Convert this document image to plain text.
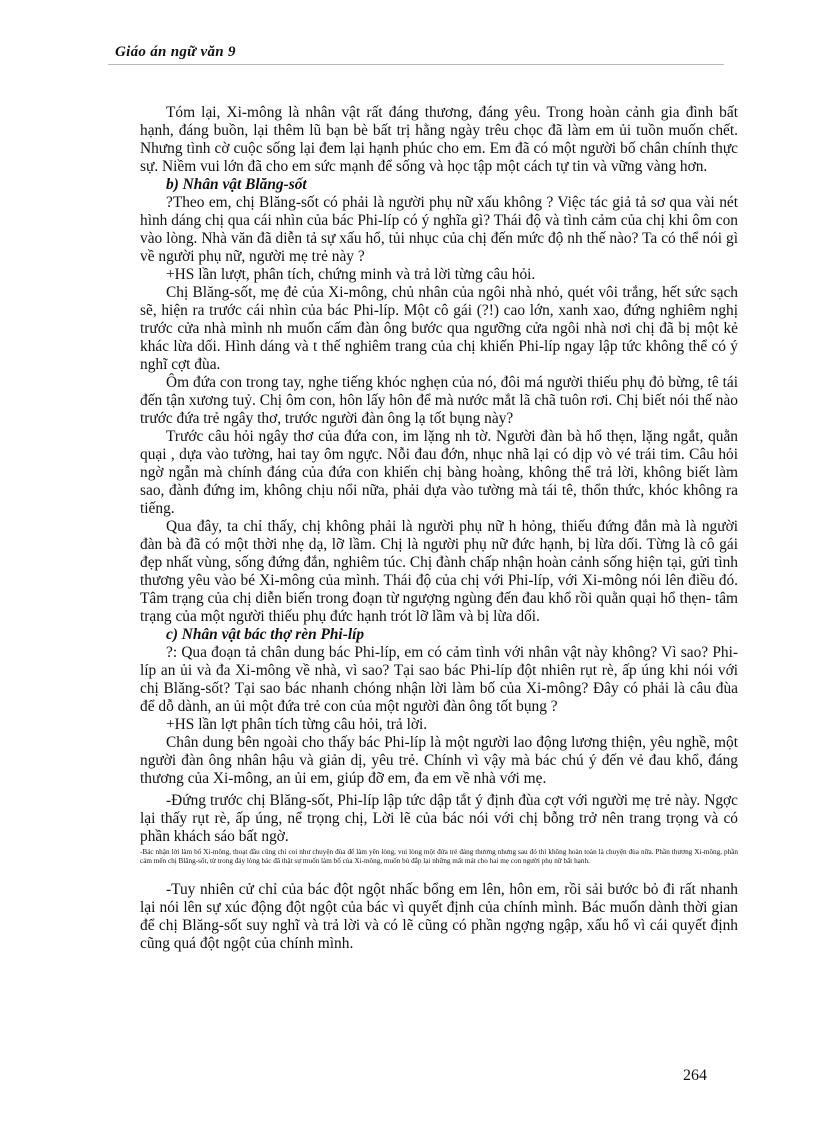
Giáo án ngữ văn 9

Tóm lại, Xi-mông là nhân vật rất đáng thương, đáng yêu. Trong hoàn cảnh gia đình bất hạnh, đáng buồn, lại thêm lũ bạn bè bất trị hằng ngày trêu chọc đã làm em ủi tuồn muốn chết. Nhưng tình cờ cuộc sống lại đem lại hạnh phúc cho em. Em đã có một người bố chân chính thực sự. Niềm vui lớn đã cho em sức mạnh để sống và học tập một cách tự tin và vững vàng hơn.

b) Nhân vật Blăng-sốt

?Theo em, chị Blăng-sốt có phải là người phụ nữ xấu không ? Việc tác giả tả sơ qua vài nét hình dáng chị qua cái nhìn của bác Phi-líp có ý nghĩa gì? Thái độ và tình cảm của chị khi ôm con vào lòng. Nhà văn đã diễn tả sự xấu hổ, tủi nhục của chị đến mức độ nh thế nào? Ta có thể nói gì về người phụ nữ, người mẹ trẻ này ?

+HS lần lượt, phân tích, chứng minh và trả lời từng câu hỏi.

Chị Blăng-sốt, mẹ đẻ của Xi-mông, chủ nhân của ngôi nhà nhỏ, quét vôi trắng, hết sức sạch sẽ, hiện ra trước cái nhìn của bác Phi-líp. Một cô gái (?!) cao lớn, xanh xao, đứng nghiêm nghị trước cửa nhà mình nh muốn cấm đàn ông bước qua ngưỡng cửa ngôi nhà nơi chị đã bị một kẻ khác lừa dối. Hình dáng và t thế nghiêm trang của chị khiến Phi-líp ngay lập tức không thể có ý nghĩ cợt đùa.

Ôm đứa con trong tay, nghe tiếng khóc nghẹn của nó, đôi má người thiếu phụ đỏ bừng, tê tái đến tận xương tuỷ. Chị ôm con, hôn lấy hôn để mà nước mắt lã chã tuôn rơi. Chị biết nói thế nào trước đứa trẻ ngây thơ, trước người đàn ông lạ tốt bụng này?

Trước câu hỏi ngây thơ của đứa con, im lặng nh tờ. Người đàn bà hổ thẹn, lặng ngắt, quằn quại , dựa vào tường, hai tay ôm ngực. Nỗi đau đớn, nhục nhã lại có dịp vò vé trái tim. Câu hỏi ngờ ngẫn mà chính đáng của đứa con khiến chị bàng hoàng, không thể trả lời, không biết làm sao, đành đứng im, không chịu nổi nữa, phải dựa vào tường mà tái tê, thổn thức, khóc không ra tiếng.

Qua đây, ta chỉ thấy, chị không phải là người phụ nữ h hỏng, thiếu đứng đắn mà là người đàn bà đã có một thời nhẹ dạ, lỡ lầm. Chị là người phụ nữ đức hạnh, bị lừa dối. Từng là cô gái đẹp nhất vùng, sống đứng đắn, nghiêm túc. Chị đành chấp nhận hoàn cảnh sống hiện tại, gửi tình thương yêu vào bé Xi-mông của mình. Thái độ của chị với Phi-líp, với Xi-mông nói lên điều đó. Tâm trạng của chị diễn biến trong đoạn từ ngượng ngùng đến đau khổ rồi quằn quại hổ thẹn- tâm trạng của một người thiếu phụ đức hạnh trót lỡ lầm và bị lừa dối.

c) Nhân vật bác thợ rèn Phi-líp

?: Qua đoạn tả chân dung bác Phi-líp, em có cảm tình với nhân vật này không? Vì sao? Phi-líp an ủi và đa Xi-mông về nhà, vì sao? Tại sao bác Phi-líp đột nhiên rụt rè, ấp úng khi nói với chị Blăng-sốt? Tại sao bác nhanh chóng nhận lời làm bố của Xi-mông? Đây có phải là câu đùa để dỗ dành, an ủi một đứa trẻ con của một người đàn ông tốt bụng ?

+HS lần lợt phân tích từng câu hỏi, trả lời.

Chân dung bên ngoài cho thấy bác Phi-líp là một người lao động lương thiện, yêu nghề, một người đàn ông nhân hậu và giản dị, yêu trẻ. Chính vì vậy mà bác chú ý đến vẻ đau khổ, đáng thương của Xi-mông, an ủi em, giúp đỡ em, đa em về nhà với mẹ.

-Đứng trước chị Blăng-sốt, Phi-líp lập tức dập tắt ý định đùa cợt với người mẹ trẻ này. Ngợc lại thấy rụt rè, ấp úng, nể trọng chị, Lời lẽ của bác nói với chị bỗng trở nên trang trọng và có phần khách sáo bất ngờ.

-Bác nhận lời làm bố Xi-mông, thoạt đầu cũng chỉ coi như chuyện đùa để làm yên lòng, vui lòng một đứa trẻ đáng thương nhưng sau đó thì không hoàn toàn là chuyện đùa nữa. Phần thương Xi-mông, phần cảm mến chị Blăng-sốt, từ trong đáy lòng bác đã thật sự muốn làm bố của Xi-mông, muốn bù đắp lại những mất mát cho hai mẹ con người phụ nữ bất hạnh.

-Tuy nhiên cử chỉ của bác đột ngột nhấc bổng em lên, hôn em, rồi sải bước bỏ đi rất nhanh lại nói lên sự xúc động đột ngột của bác vì quyết định của chính mình. Bác muốn dành thời gian để chị Blăng-sốt suy nghĩ và trả lời và có lẽ cũng có phần ngợng ngập, xấu hổ vì cái quyết định cũng quá đột ngột của chính mình.

264
